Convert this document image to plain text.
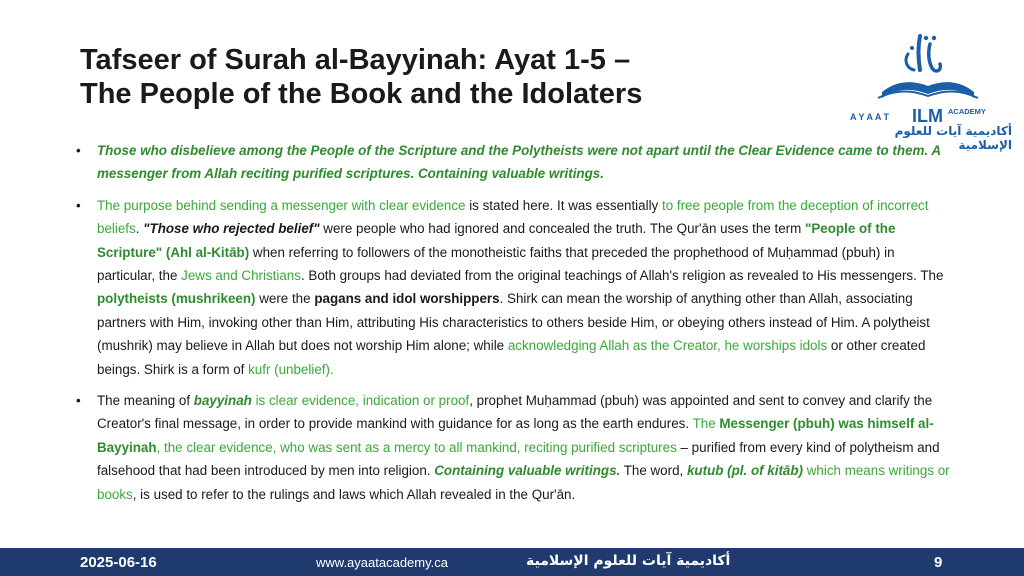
Tafseer of Surah al-Bayyinah: Ayat 1-5 –
The People of the Book and the Idolaters
A Y A A T ILM ACADEMY
أكاديمية آيات للعلوم الإسلامية
• Those who disbelieve among the People of the Scripture and the Polytheists were not apart until the Clear Evidence came to them. A messenger from Allah reciting purified scriptures. Containing valuable writings.
• The purpose behind sending a messenger with clear evidence is stated here. It was essentially to free people from the deception of incorrect beliefs. "Those who rejected belief" were people who had ignored and concealed the truth. The Qur'ān uses the term "People of the Scripture" (Ahl al-Kitāb) when referring to followers of the monotheistic faiths that preceded the prophethood of Muḥammad (pbuh) in particular, the Jews and Christians. Both groups had deviated from the original teachings of Allah's religion as revealed to His messengers. The polytheists (mushrikeen) were the pagans and idol worshippers. Shirk can mean the worship of anything other than Allah, associating partners with Him, invoking other than Him, attributing His characteristics to others beside Him, or obeying others instead of Him. A polytheist (mushrik) may believe in Allah but does not worship Him alone; while acknowledging Allah as the Creator, he worships idols or other created beings. Shirk is a form of kufr (unbelief).
• The meaning of bayyinah is clear evidence, indication or proof, prophet Muḥammad (pbuh) was appointed and sent to convey and clarify the Creator's final message, in order to provide mankind with guidance for as long as the earth endures. The Messenger (pbuh) was himself al-Bayyinah, the clear evidence, who was sent as a mercy to all mankind, reciting purified scriptures – purified from every kind of polytheism and falsehood that had been introduced by men into religion. Containing valuable writings. The word, kutub (pl. of kitāb) which means writings or books, is used to refer to the rulings and laws which Allah revealed in the Qur'ān.
2025-06-16	www.ayaatacademy.ca	أكاديمية آيات للعلوم الإسلامية	9
